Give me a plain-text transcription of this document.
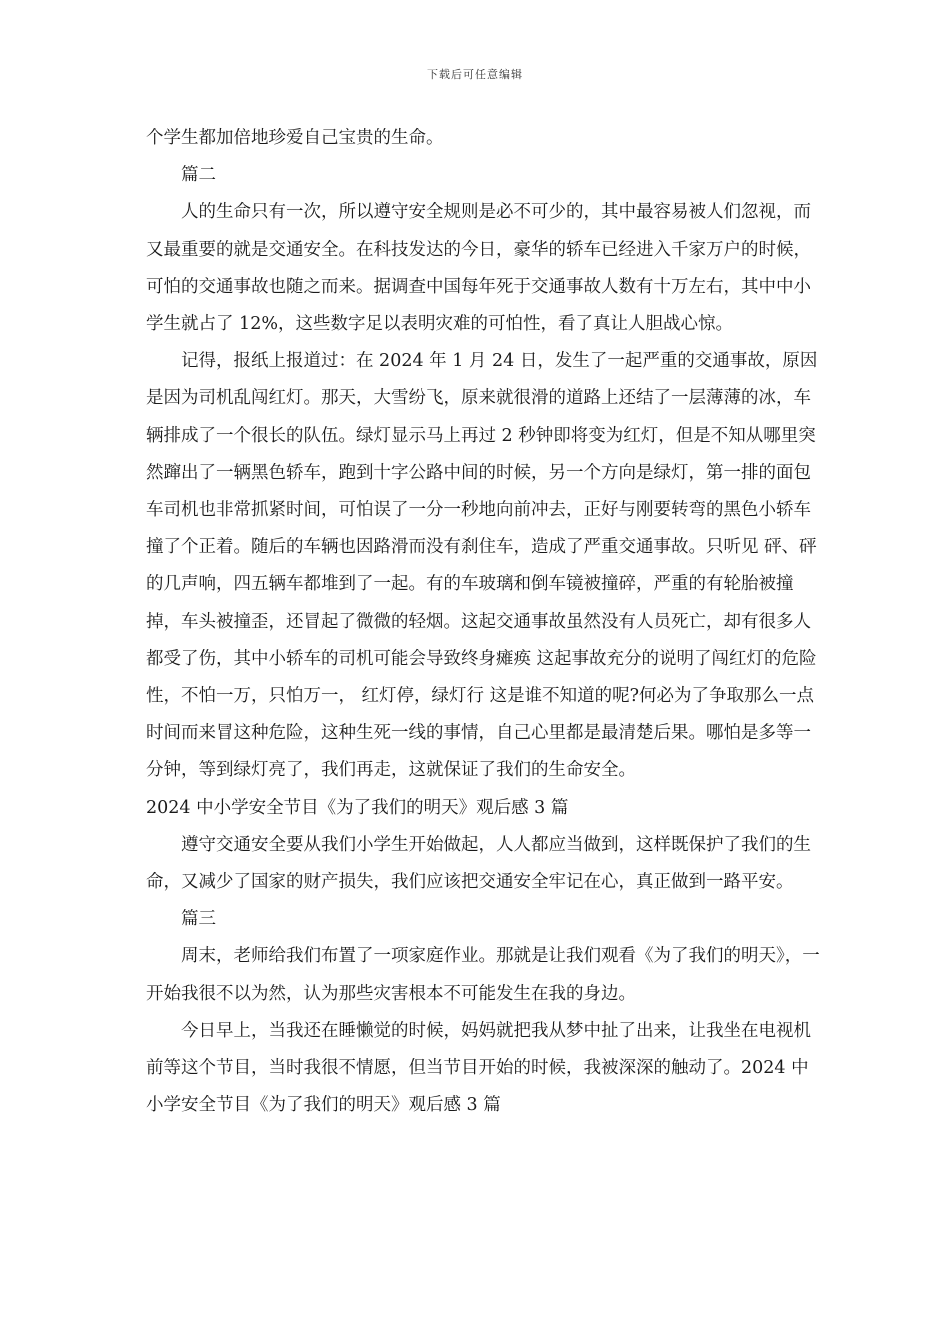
下载后可任意编辑

个学生都加倍地珍爱自己宝贵的生命。

篇二

人的生命只有一次，所以遵守安全规则是必不可少的，其中最容易被人们忽视，而又最重要的就是交通安全。在科技发达的今日，豪华的轿车已经进入千家万户的时候，可怕的交通事故也随之而来。据调查中国每年死于交通事故人数有十万左右，其中中小学生就占了 12%，这些数字足以表明灾难的可怕性，看了真让人胆战心惊。

记得，报纸上报道过：在 2024 年 1 月 24 日，发生了一起严重的交通事故，原因是因为司机乱闯红灯。那天，大雪纷飞，原来就很滑的道路上还结了一层薄薄的冰，车辆排成了一个很长的队伍。绿灯显示马上再过 2 秒钟即将变为红灯，但是不知从哪里突然蹿出了一辆黑色轿车，跑到十字公路中间的时候，另一个方向是绿灯，第一排的面包车司机也非常抓紧时间，可怕误了一分一秒地向前冲去，正好与刚要转弯的黑色小轿车撞了个正着。随后的车辆也因路滑而没有刹住车，造成了严重交通事故。只听见 砰、砰 的几声响，四五辆车都堆到了一起。有的车玻璃和倒车镜被撞碎，严重的有轮胎被撞掉，车头被撞歪，还冒起了微微的轻烟。这起交通事故虽然没有人员死亡，却有很多人都受了伤，其中小轿车的司机可能会导致终身瘫痪 这起事故充分的说明了闯红灯的危险性，不怕一万，只怕万一， 红灯停，绿灯行 这是谁不知道的呢?何必为了争取那么一点时间而来冒这种危险，这种生死一线的事情，自己心里都是最清楚后果。哪怕是多等一分钟，等到绿灯亮了，我们再走，这就保证了我们的生命安全。

2024 中小学安全节目《为了我们的明天》观后感 3 篇

遵守交通安全要从我们小学生开始做起，人人都应当做到，这样既保护了我们的生命，又减少了国家的财产损失，我们应该把交通安全牢记在心，真正做到一路平安。

篇三

周末，老师给我们布置了一项家庭作业。那就是让我们观看《为了我们的明天》，一开始我很不以为然，认为那些灾害根本不可能发生在我的身边。

今日早上，当我还在睡懒觉的时候，妈妈就把我从梦中扯了出来，让我坐在电视机前等这个节目，当时我很不情愿，但当节目开始的时候，我被深深的触动了。2024 中小学安全节目《为了我们的明天》观后感 3 篇
